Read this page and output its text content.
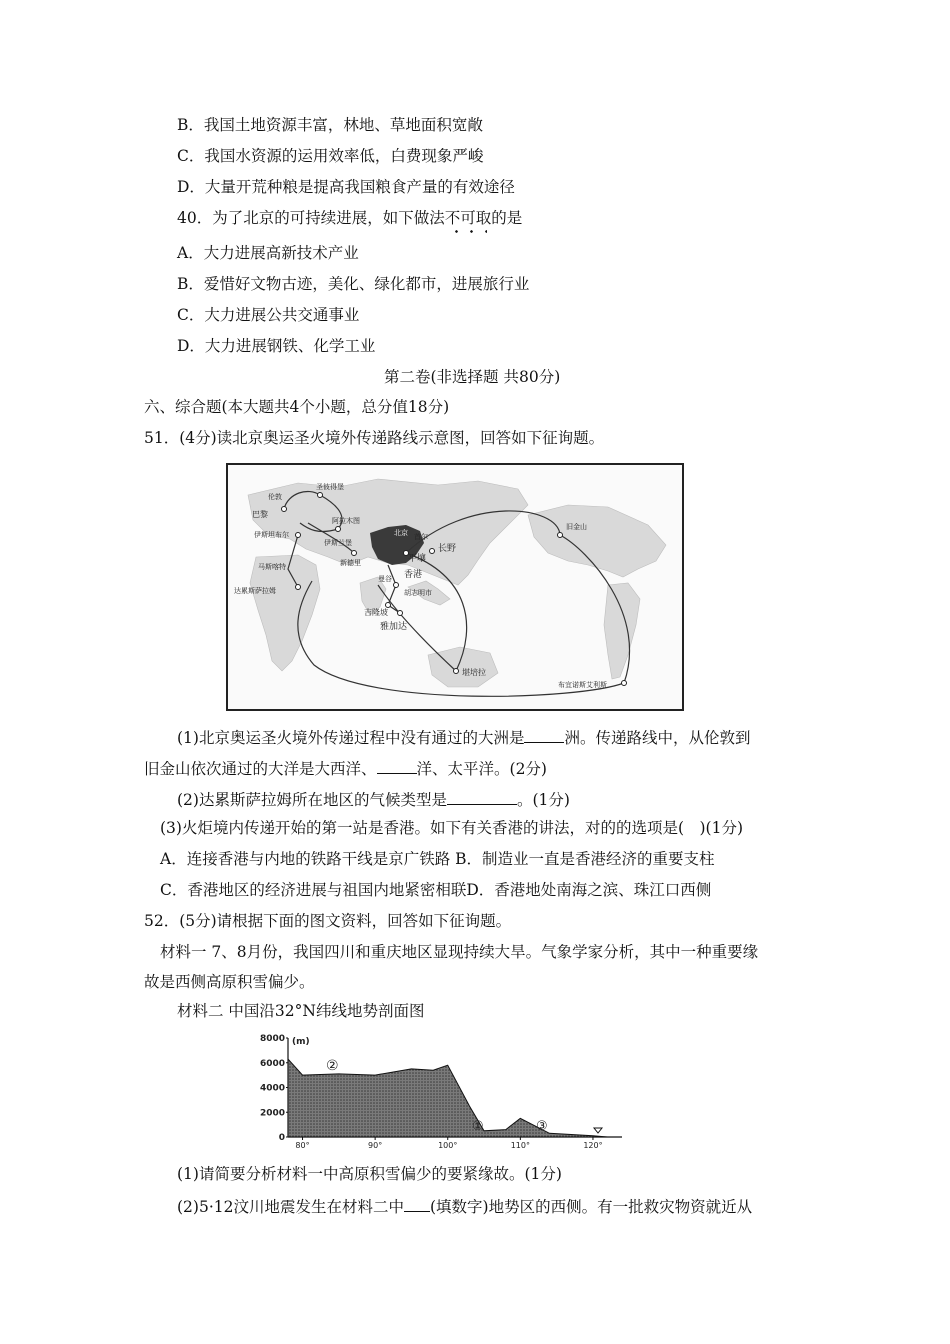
B．我国土地资源丰富，林地、草地面积宽敞
C．我国水资源的运用效率低，白费现象严峻
D．大量开荒种粮是提高我国粮食产量的有效途径
40．为了北京的可持续进展，如下做法不可取的是
A．大力进展高新技术产业
B．爱惜好文物古迹，美化、绿化都市，进展旅行业
C．大力进展公共交通事业
D．大力进展钢铁、化学工业
第二卷(非选择题 共80分)
六、综合题(本大题共4个小题，总分值18分)
51．(4分)读北京奥运圣火境外传递路线示意图，回答如下征询题。
伦敦
巴黎
圣彼得堡
伊斯坦布尔
阿拉木图
伊斯兰堡
马斯喀特
达累斯萨拉姆
新德里
曼谷
吉隆坡
雅加达
堪培拉
长野
首尔
平壤
香港
北京
胡志明市
旧金山
布宜诺斯艾利斯
(1)北京奥运圣火境外传递过程中没有通过的大洲是	洲。传递路线中，从伦敦到
旧金山依次通过的大洋是大西洋、	洋、太平洋。(2分)
(2)达累斯萨拉姆所在地区的气候类型是	。(1分)
(3)火炬境内传递开始的第一站是香港。如下有关香港的讲法，对的的选项是(　)(1分)
A．连接香港与内地的铁路干线是京广铁路 B．制造业一直是香港经济的重要支柱
C．香港地区的经济进展与祖国内地紧密相联D．香港地处南海之滨、珠江口西侧
52．(5分)请根据下面的图文资料，回答如下征询题。
材料一 7、8月份，我国四川和重庆地区显现持续大旱。气象学家分析，其中一种重要缘
故是西侧高原积雪偏少。
材料二 中国沿32°N纬线地势剖面图
0
2000
4000
6000
8000
80°	90°	100°	110°	120°
(m)
②
①	③
(1)请简要分析材料一中高原积雪偏少的要紧缘故。(1分)
(2)5·12汶川地震发生在材料二中 (填数字)地势区的西侧。有一批救灾物资就近从
